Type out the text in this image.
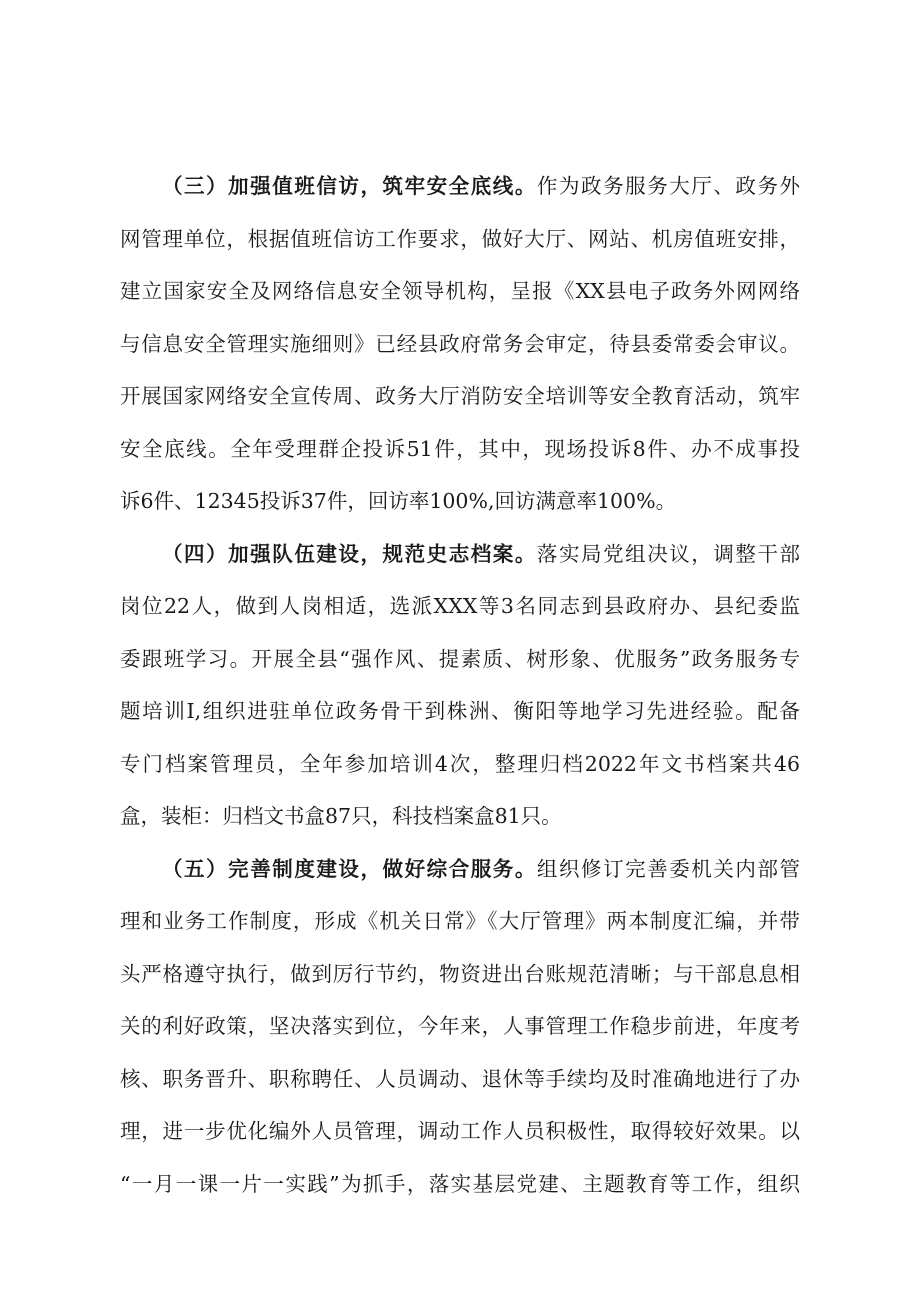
（三）加强值班信访，筑牢安全底线。作为政务服务大厅、政务外
网管理单位，根据值班信访工作要求，做好大厅、网站、机房值班安排，
建立国家安全及网络信息安全领导机构，呈报《XX县电子政务外网网络
与信息安全管理实施细则》已经县政府常务会审定，待县委常委会审议。
开展国家网络安全宣传周、政务大厅消防安全培训等安全教育活动，筑牢
安全底线。全年受理群企投诉51件，其中，现场投诉8件、办不成事投
诉6件、12345投诉37件，回访率100%,回访满意率100%。
（四）加强队伍建设，规范史志档案。落实局党组决议，调整干部
岗位22人，做到人岗相适，选派XXX等3名同志到县政府办、县纪委监
委跟班学习。开展全县“强作风、提素质、树形象、优服务”政务服务专
题培训I,组织进驻单位政务骨干到株洲、衡阳等地学习先进经验。配备
专门档案管理员，全年参加培训4次，整理归档2022年文书档案共46
盒，装柜：归档文书盒87只，科技档案盒81只。
（五）完善制度建设，做好综合服务。组织修订完善委机关内部管
理和业务工作制度，形成《机关日常》《大厅管理》两本制度汇编，并带
头严格遵守执行，做到厉行节约，物资进出台账规范清晰；与干部息息相
关的利好政策，坚决落实到位，今年来，人事管理工作稳步前进，年度考
核、职务晋升、职称聘任、人员调动、退休等手续均及时准确地进行了办
理，进一步优化编外人员管理，调动工作人员积极性，取得较好效果。以
“一月一课一片一实践”为抓手，落实基层党建、主题教育等工作，组织
